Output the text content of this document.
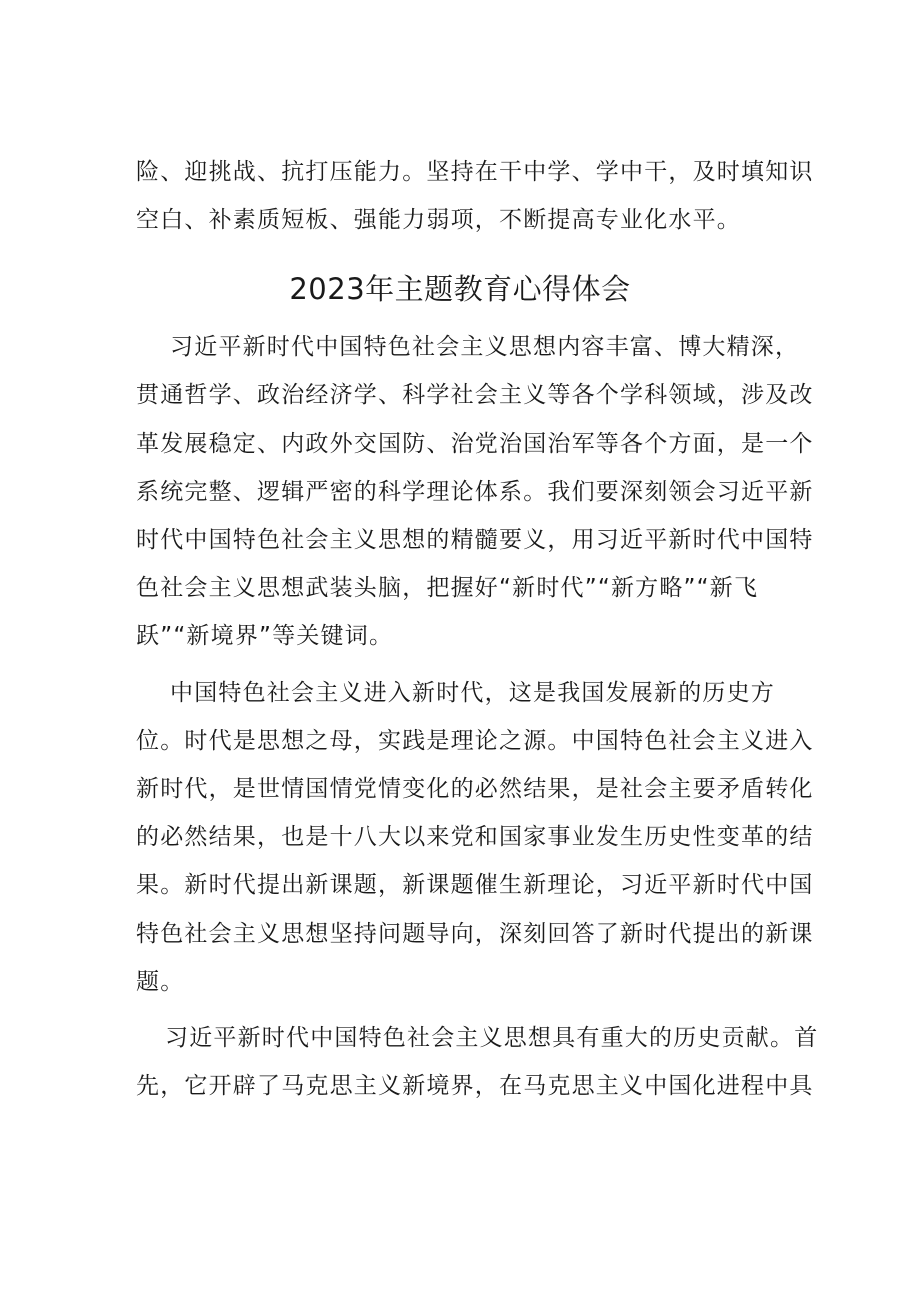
险、迎挑战、抗打压能力。坚持在干中学、学中干，及时填知识
空白、补素质短板、强能力弱项，不断提高专业化水平。
2023年主题教育心得体会
习近平新时代中国特色社会主义思想内容丰富、博大精深，
贯通哲学、政治经济学、科学社会主义等各个学科领域，涉及改
革发展稳定、内政外交国防、治党治国治军等各个方面，是一个
系统完整、逻辑严密的科学理论体系。我们要深刻领会习近平新
时代中国特色社会主义思想的精髓要义，用习近平新时代中国特
色社会主义思想武装头脑，把握好“新时代”“新方略”“新飞
跃”“新境界”等关键词。
中国特色社会主义进入新时代，这是我国发展新的历史方
位。时代是思想之母，实践是理论之源。中国特色社会主义进入
新时代，是世情国情党情变化的必然结果，是社会主要矛盾转化
的必然结果，也是十八大以来党和国家事业发生历史性变革的结
果。新时代提出新课题，新课题催生新理论，习近平新时代中国
特色社会主义思想坚持问题导向，深刻回答了新时代提出的新课
题。
习近平新时代中国特色社会主义思想具有重大的历史贡献。首
先，它开辟了马克思主义新境界，在马克思主义中国化进程中具
